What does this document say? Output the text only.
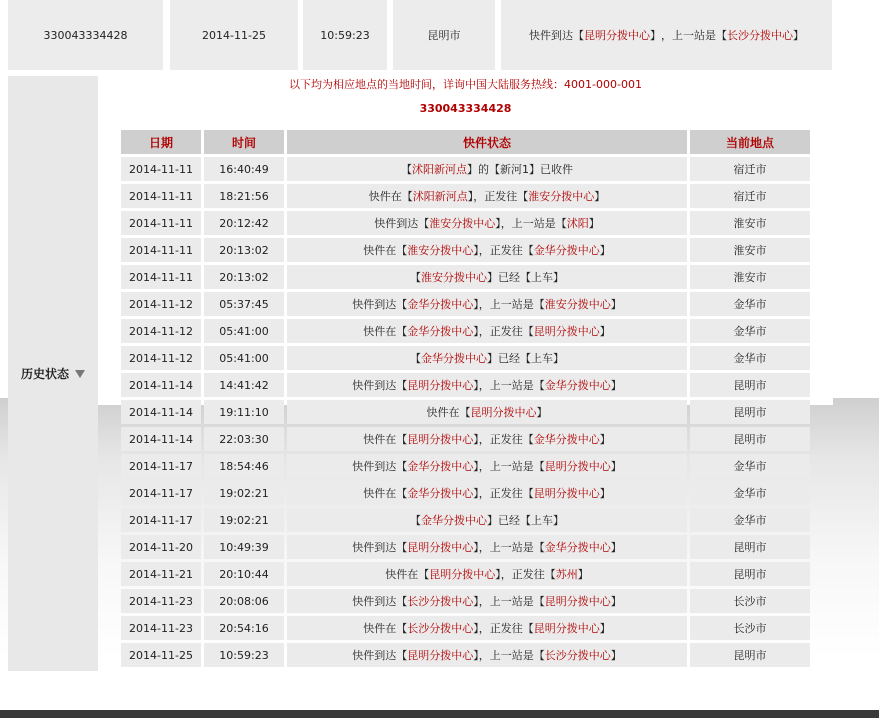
330043334428	2014-11-25	10:59:23	昆明市	快件到达 【 昆明分拨中心 】 ，上一站是 【 长沙分拨中心 】
历史状态
以下均为相应地点的当地时间，详询中国大陆服务热线：4001-000-001
330043334428
日期	时间	快件状态	当前地点
2014-11-11	16:40:49	【沭阳新河点】的【新河1】已收件	宿迁市
2014-11-11	18:21:56	快件在【沭阳新河点】，正发往【淮安分拨中心】	宿迁市
2014-11-11	20:12:42	快件到达【淮安分拨中心】，上一站是【沭阳】	淮安市
2014-11-11	20:13:02	快件在【淮安分拨中心】，正发往【金华分拨中心】	淮安市
2014-11-11	20:13:02	【淮安分拨中心】已经【上车】	淮安市
2014-11-12	05:37:45	快件到达【金华分拨中心】，上一站是【淮安分拨中心】	金华市
2014-11-12	05:41:00	快件在【金华分拨中心】，正发往【昆明分拨中心】	金华市
2014-11-12	05:41:00	【金华分拨中心】已经【上车】	金华市
2014-11-14	14:41:42	快件到达【昆明分拨中心】，上一站是【金华分拨中心】	昆明市
2014-11-14	19:11:10	快件在【昆明分拨中心】	昆明市
2014-11-14	22:03:30	快件在【昆明分拨中心】，正发往【金华分拨中心】	昆明市
2014-11-17	18:54:46	快件到达【金华分拨中心】，上一站是【昆明分拨中心】	金华市
2014-11-17	19:02:21	快件在【金华分拨中心】，正发往【昆明分拨中心】	金华市
2014-11-17	19:02:21	【金华分拨中心】已经【上车】	金华市
2014-11-20	10:49:39	快件到达【昆明分拨中心】，上一站是【金华分拨中心】	昆明市
2014-11-21	20:10:44	快件在【昆明分拨中心】，正发往【苏州】	昆明市
2014-11-23	20:08:06	快件到达【长沙分拨中心】，上一站是【昆明分拨中心】	长沙市
2014-11-23	20:54:16	快件在【长沙分拨中心】，正发往【昆明分拨中心】	长沙市
2014-11-25	10:59:23	快件到达【昆明分拨中心】，上一站是【长沙分拨中心】	昆明市
